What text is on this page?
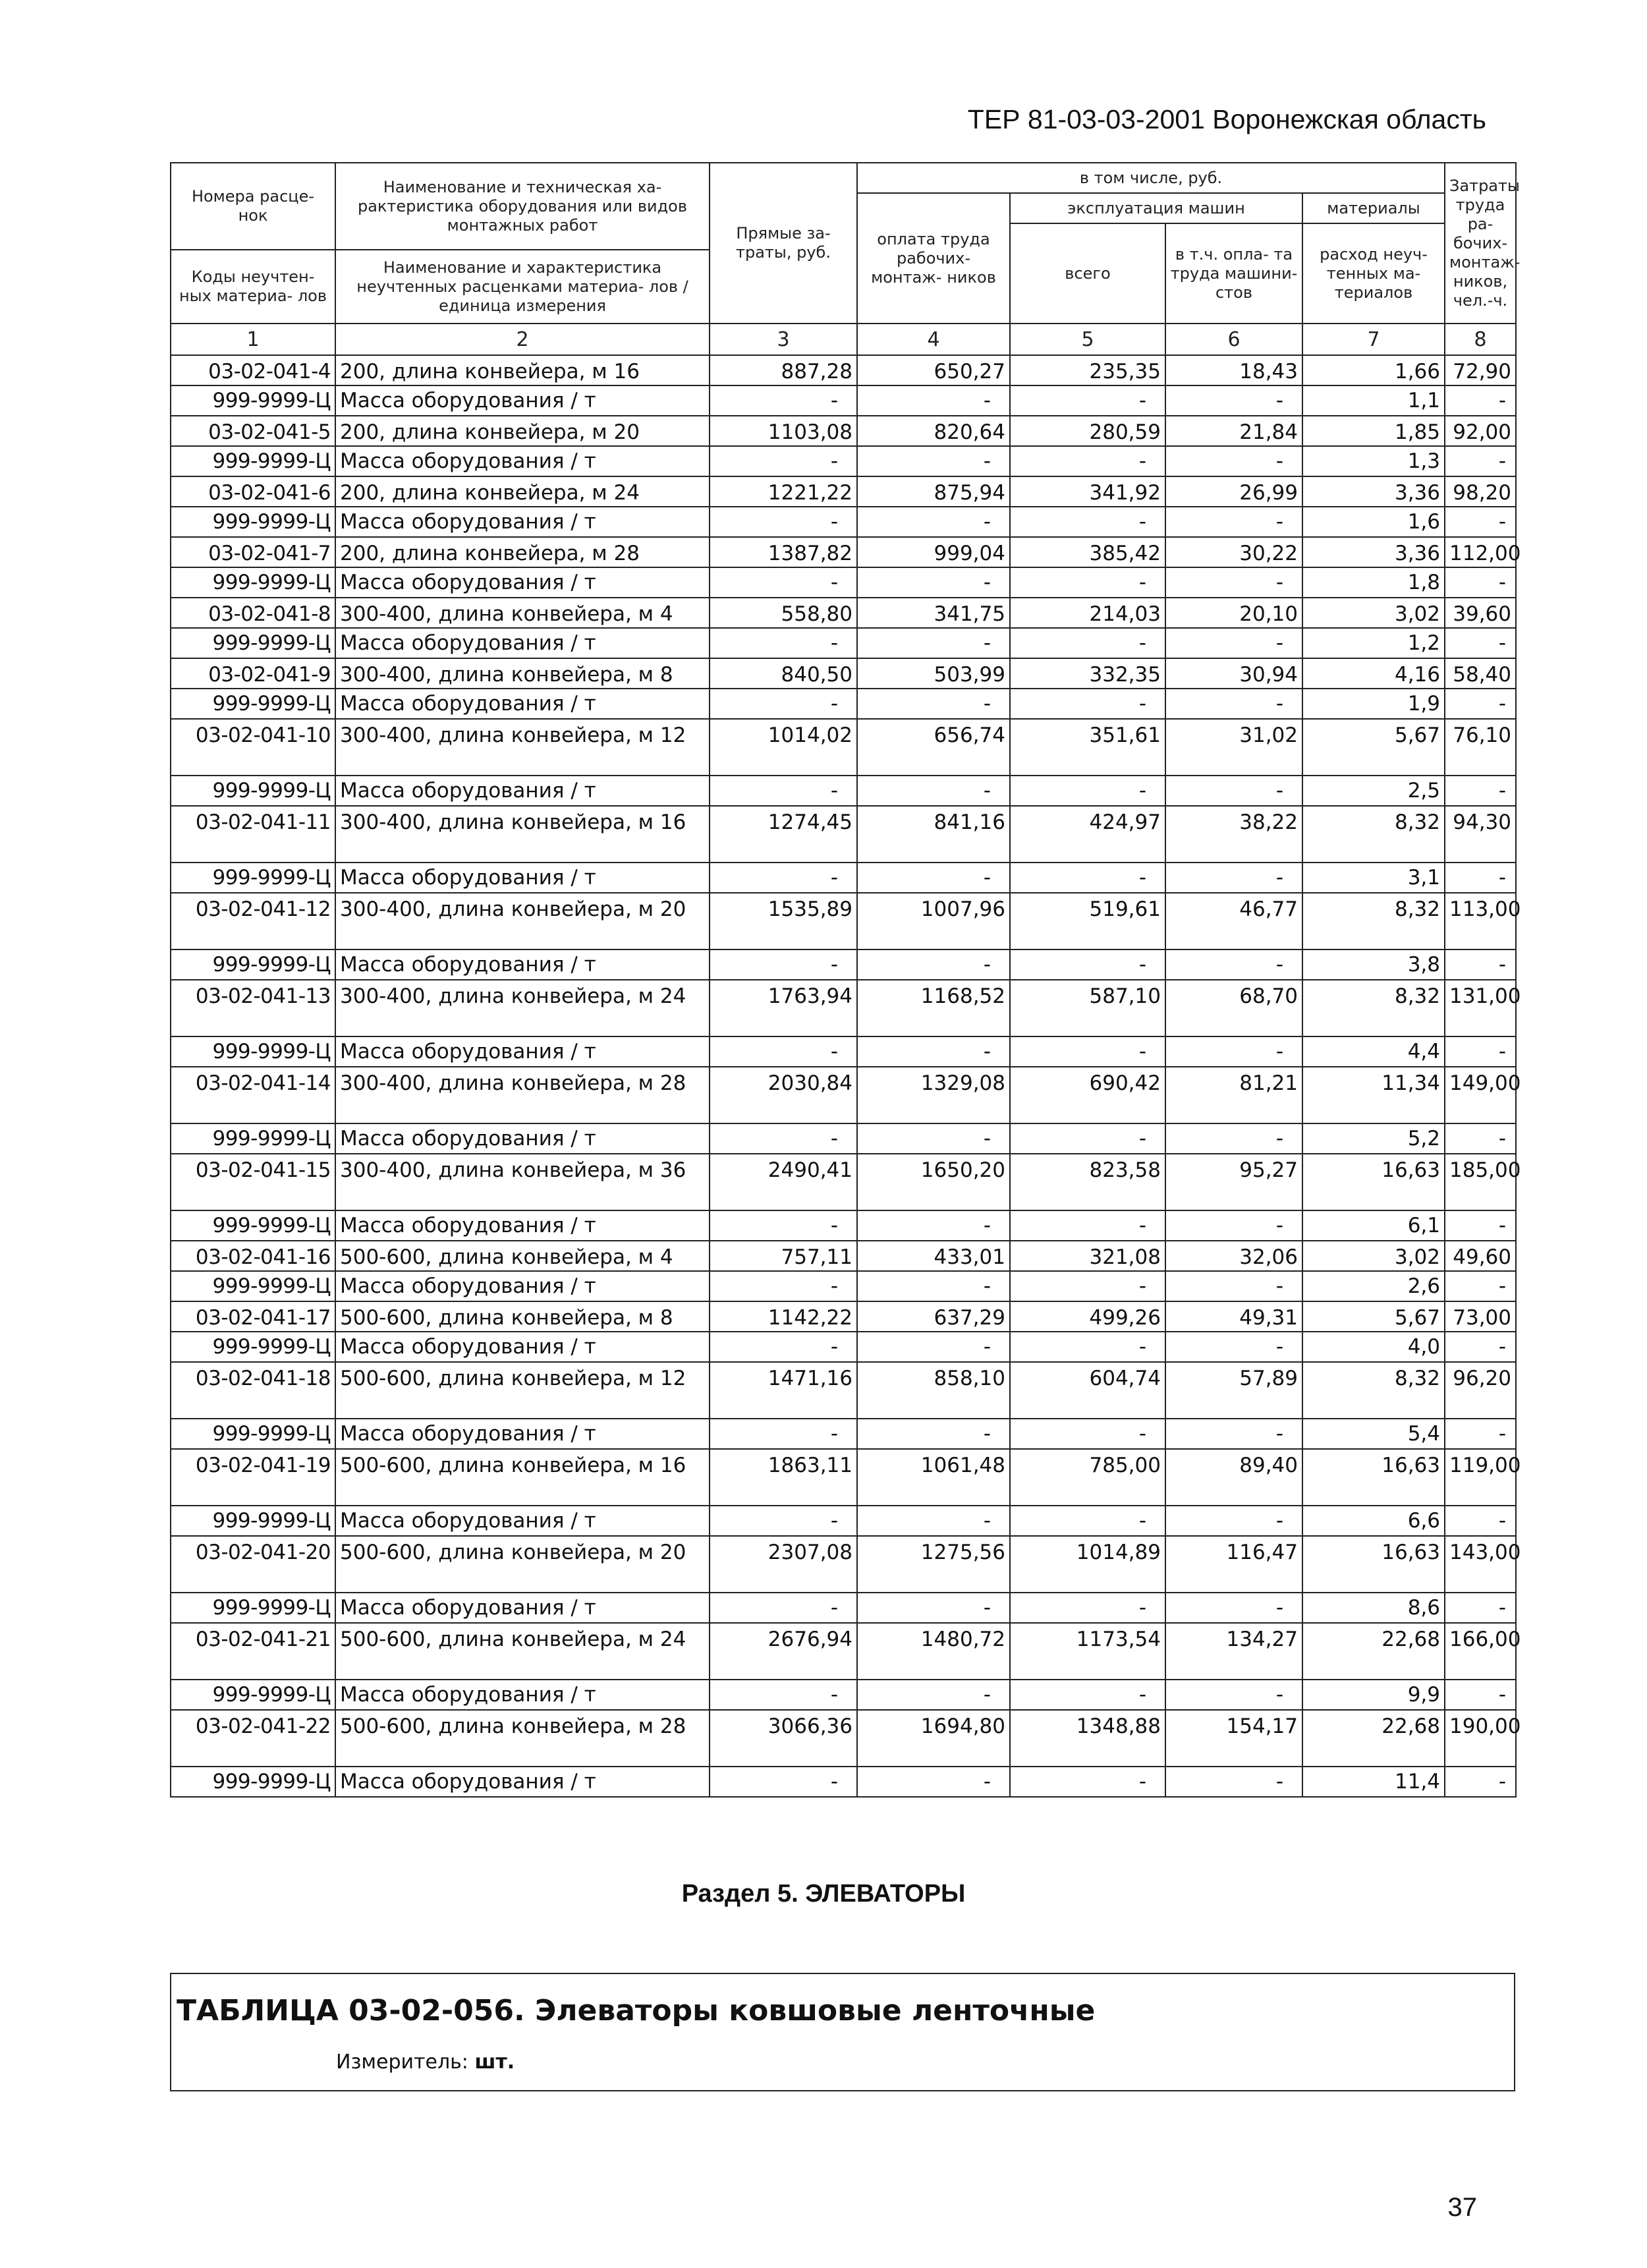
ТЕР 81-03-03-2001 Воронежская область
Номера расце- нок	Наименование и техническая ха- рактеристика оборудования или видов монтажных работ	Прямые за- траты, руб.	в том числе, руб.				Затраты труда ра- бочих- монтаж- ников, чел.-ч.
			оплата труда рабочих- монтаж- ников	эксплуатация машин		материалы	
				всего	в т.ч. опла- та труда машини- стов	расход неуч- тенных ма- териалов	
Коды неучтен- ных материа- лов	Наименование и характеристика неучтенных расценками материа- лов / единица измерения						

1	2	3	4	5	6	7	8
03-02-041-4	200, длина конвейера, м 16	887,28	650,27	235,35	18,43	1,66	72,90
999-9999-Ц	Масса оборудования / т	-	-	-	-	1,1	-
03-02-041-5	200, длина конвейера, м 20	1103,08	820,64	280,59	21,84	1,85	92,00
999-9999-Ц	Масса оборудования / т	-	-	-	-	1,3	-
03-02-041-6	200, длина конвейера, м 24	1221,22	875,94	341,92	26,99	3,36	98,20
999-9999-Ц	Масса оборудования / т	-	-	-	-	1,6	-
03-02-041-7	200, длина конвейера, м 28	1387,82	999,04	385,42	30,22	3,36	112,00
999-9999-Ц	Масса оборудования / т	-	-	-	-	1,8	-
03-02-041-8	300-400, длина конвейера, м 4	558,80	341,75	214,03	20,10	3,02	39,60
999-9999-Ц	Масса оборудования / т	-	-	-	-	1,2	-
03-02-041-9	300-400, длина конвейера, м 8	840,50	503,99	332,35	30,94	4,16	58,40
999-9999-Ц	Масса оборудования / т	-	-	-	-	1,9	-
03-02-041-10	300-400, длина конвейера, м 12	1014,02	656,74	351,61	31,02	5,67	76,10
999-9999-Ц	Масса оборудования / т	-	-	-	-	2,5	-
03-02-041-11	300-400, длина конвейера, м 16	1274,45	841,16	424,97	38,22	8,32	94,30
999-9999-Ц	Масса оборудования / т	-	-	-	-	3,1	-
03-02-041-12	300-400, длина конвейера, м 20	1535,89	1007,96	519,61	46,77	8,32	113,00
999-9999-Ц	Масса оборудования / т	-	-	-	-	3,8	-
03-02-041-13	300-400, длина конвейера, м 24	1763,94	1168,52	587,10	68,70	8,32	131,00
999-9999-Ц	Масса оборудования / т	-	-	-	-	4,4	-
03-02-041-14	300-400, длина конвейера, м 28	2030,84	1329,08	690,42	81,21	11,34	149,00
999-9999-Ц	Масса оборудования / т	-	-	-	-	5,2	-
03-02-041-15	300-400, длина конвейера, м 36	2490,41	1650,20	823,58	95,27	16,63	185,00
999-9999-Ц	Масса оборудования / т	-	-	-	-	6,1	-
03-02-041-16	500-600, длина конвейера, м 4	757,11	433,01	321,08	32,06	3,02	49,60
999-9999-Ц	Масса оборудования / т	-	-	-	-	2,6	-
03-02-041-17	500-600, длина конвейера, м 8	1142,22	637,29	499,26	49,31	5,67	73,00
999-9999-Ц	Масса оборудования / т	-	-	-	-	4,0	-
03-02-041-18	500-600, длина конвейера, м 12	1471,16	858,10	604,74	57,89	8,32	96,20
999-9999-Ц	Масса оборудования / т	-	-	-	-	5,4	-
03-02-041-19	500-600, длина конвейера, м 16	1863,11	1061,48	785,00	89,40	16,63	119,00
999-9999-Ц	Масса оборудования / т	-	-	-	-	6,6	-
03-02-041-20	500-600, длина конвейера, м 20	2307,08	1275,56	1014,89	116,47	16,63	143,00
999-9999-Ц	Масса оборудования / т	-	-	-	-	8,6	-
03-02-041-21	500-600, длина конвейера, м 24	2676,94	1480,72	1173,54	134,27	22,68	166,00
999-9999-Ц	Масса оборудования / т	-	-	-	-	9,9	-
03-02-041-22	500-600, длина конвейера, м 28	3066,36	1694,80	1348,88	154,17	22,68	190,00
999-9999-Ц	Масса оборудования / т	-	-	-	-	11,4	-
Раздел 5. ЭЛЕВАТОРЫ
ТАБЛИЦА 03-02-056. Элеваторы ковшовые ленточные
Измеритель: шт.
37
